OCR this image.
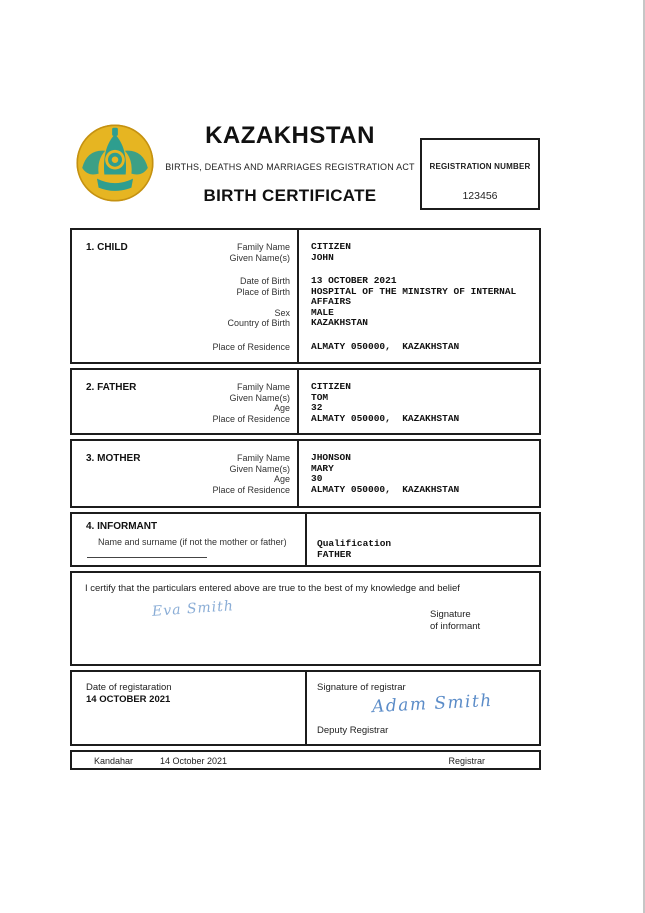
KAZAKHSTAN
BIRTHS, DEATHS AND MARRIAGES REGISTRATION ACT
BIRTH CERTIFICATE
REGISTRATION NUMBER
123456
1. CHILD	Family Name	CITIZEN
Given Name(s)	JOHN
Date of Birth	13 OCTOBER 2021
Place of Birth	HOSPITAL OF THE MINISTRY OF INTERNAL AFFAIRS
Sex	MALE
Country of Birth	KAZAKHSTAN
Place of Residence	ALMATY 050000,  KAZAKHSTAN
2. FATHER	Family Name	CITIZEN
Given Name(s)	TOM
Age	32
Place of Residence	ALMATY 050000,  KAZAKHSTAN
3. MOTHER	Family Name	JHONSON
Given Name(s)	MARY
Age	30
Place of Residence	ALMATY 050000,  KAZAKHSTAN
4. INFORMANT
Name and surname (if not the mother or father)	Qualification
FATHER
I certify that the particulars entered above are true to the best of my knowledge and belief
Eva Smith	Signature
of informant
Date of registaration
14 OCTOBER 2021
Signature of registrar
Adam Smith
Deputy Registrar
Kandahar	14 October 2021	Registrar
